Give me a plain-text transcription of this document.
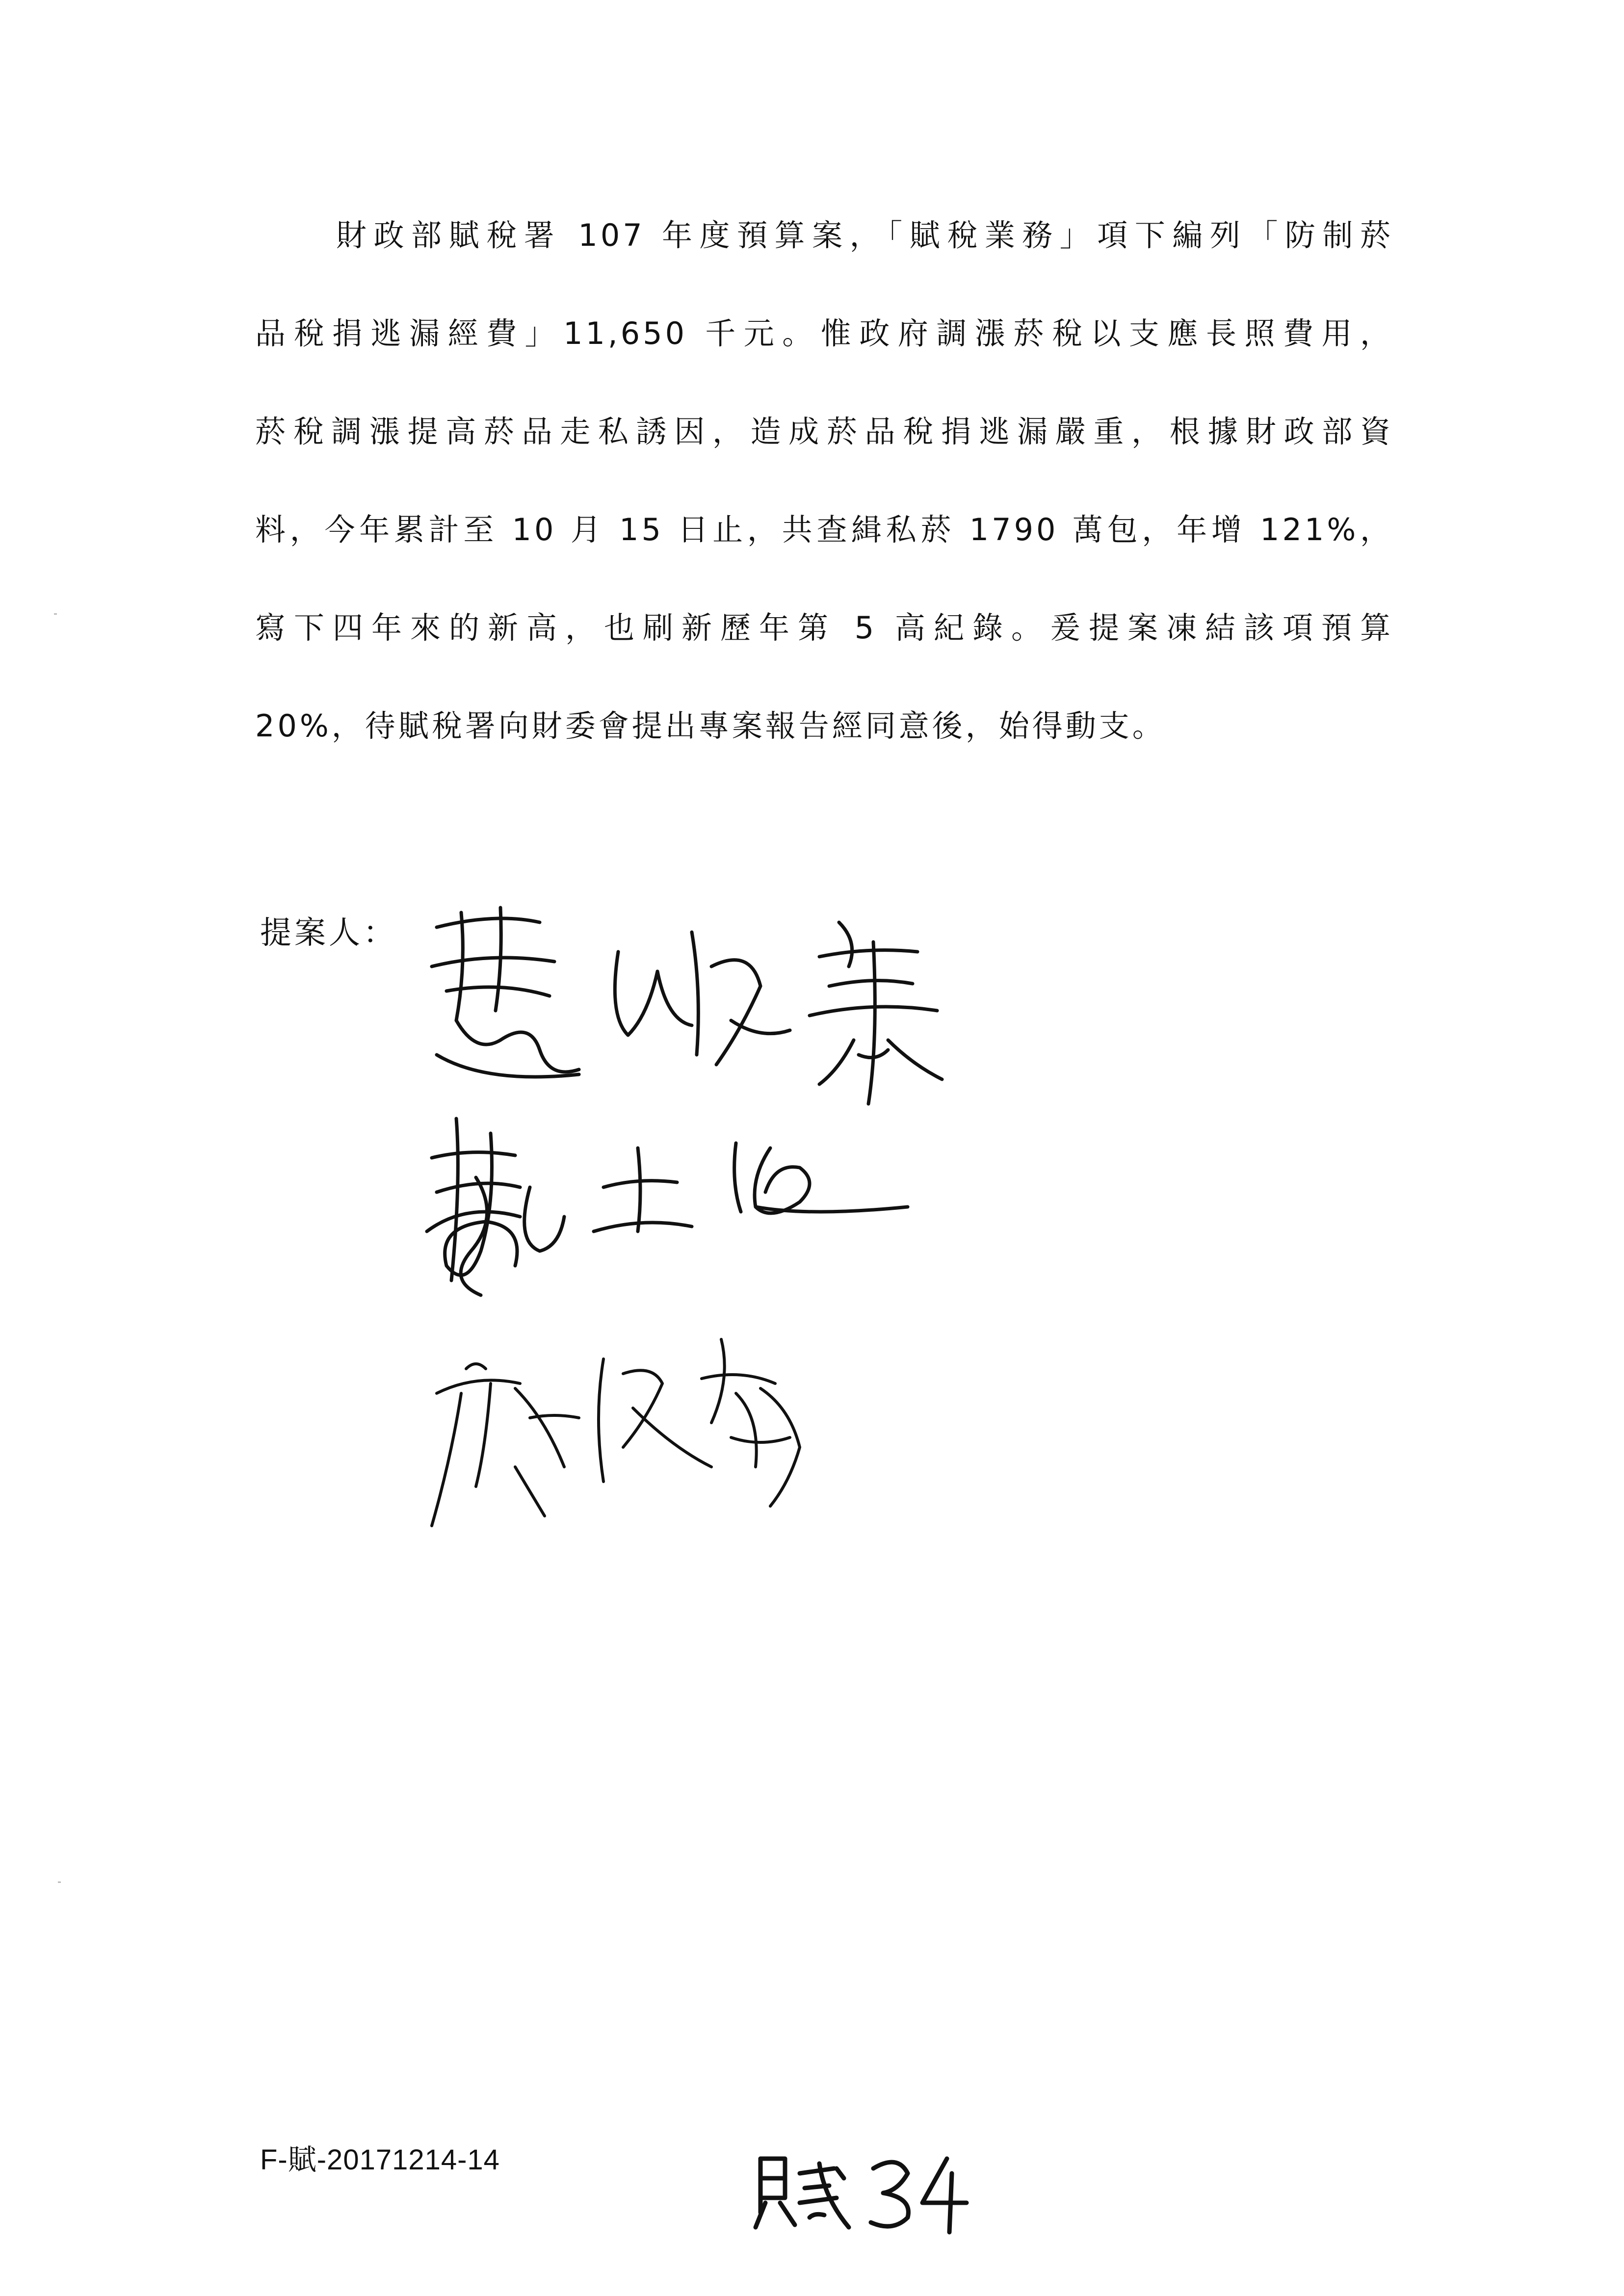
財政部賦稅署 107 年度預算案，「賦稅業務」項下編列「防制菸
品稅捐逃漏經費」11,650 千元。惟政府調漲菸稅以支應長照費用，
菸稅調漲提高菸品走私誘因，造成菸品稅捐逃漏嚴重，根據財政部資
料，今年累計至 10 月 15 日止，共查緝私菸 1790 萬包，年增 121%，
寫下四年來的新高，也刷新歷年第 5 高紀錄。爰提案凍結該項預算
20%，待賦稅署向財委會提出專案報告經同意後，始得動支。
提案人：
F-賦-20171214-14
